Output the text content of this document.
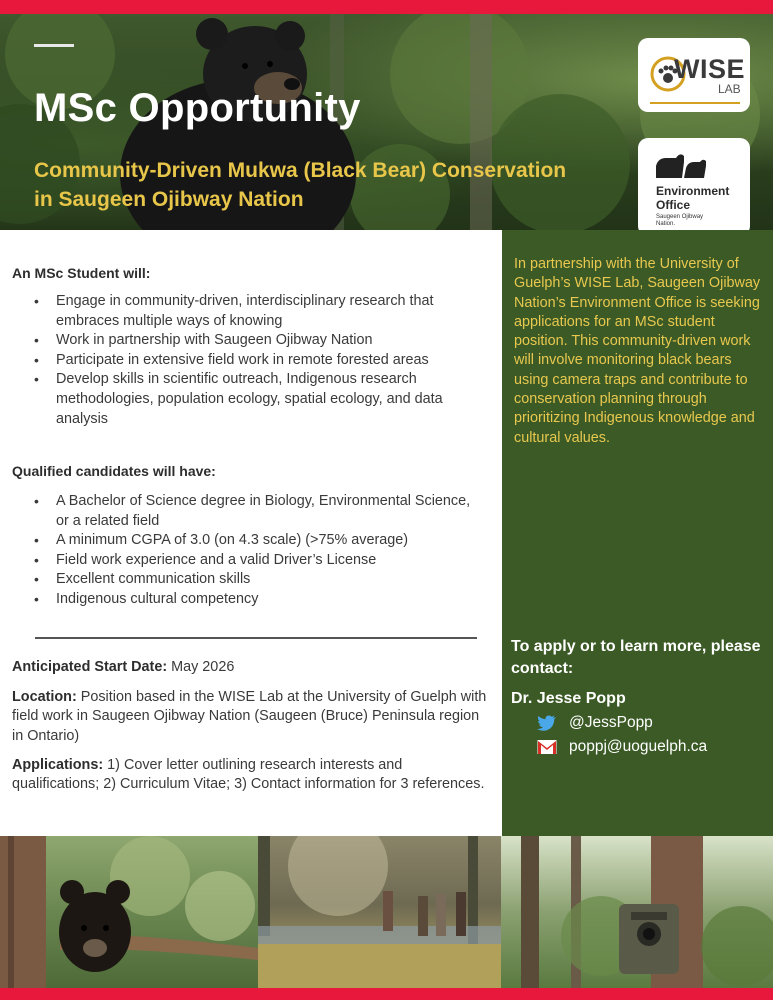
MSc Opportunity
Community-Driven Mukwa (Black Bear) Conservation
in Saugeen Ojibway Nation
WISE
LAB
Environment
Office
Saugeen Ojibway Nation.
An MSc Student will:
• Engage in community-driven, interdisciplinary research that embraces multiple ways of knowing
• Work in partnership with Saugeen Ojibway Nation
• Participate in extensive field work in remote forested areas
• Develop skills in scientific outreach, Indigenous research methodologies, population ecology, spatial ecology, and data analysis
Qualified candidates will have:
• A Bachelor of Science degree in Biology, Environmental Science, or a related field
• A minimum CGPA of 3.0 (on 4.3 scale) (>75% average)
• Field work experience and a valid Driver’s License
• Excellent communication skills
• Indigenous cultural competency

Anticipated Start Date: May 2026

Location: Position based in the WISE Lab at the University of Guelph with field work in Saugeen Ojibway Nation (Saugeen (Bruce) Peninsula region in Ontario)

Applications: 1) Cover letter outlining research interests and qualifications; 2) Curriculum Vitae; 3) Contact information for 3 references.

In partnership with the University of Guelph’s WISE Lab, Saugeen Ojibway Nation’s Environment Office is seeking applications for an MSc student position. This community-driven work will involve monitoring black bears using camera traps and contribute to conservation planning through prioritizing Indigenous knowledge and cultural values.

To apply or to learn more, please contact:

Dr. Jesse Popp

@JessPopp
poppj@uoguelph.ca
